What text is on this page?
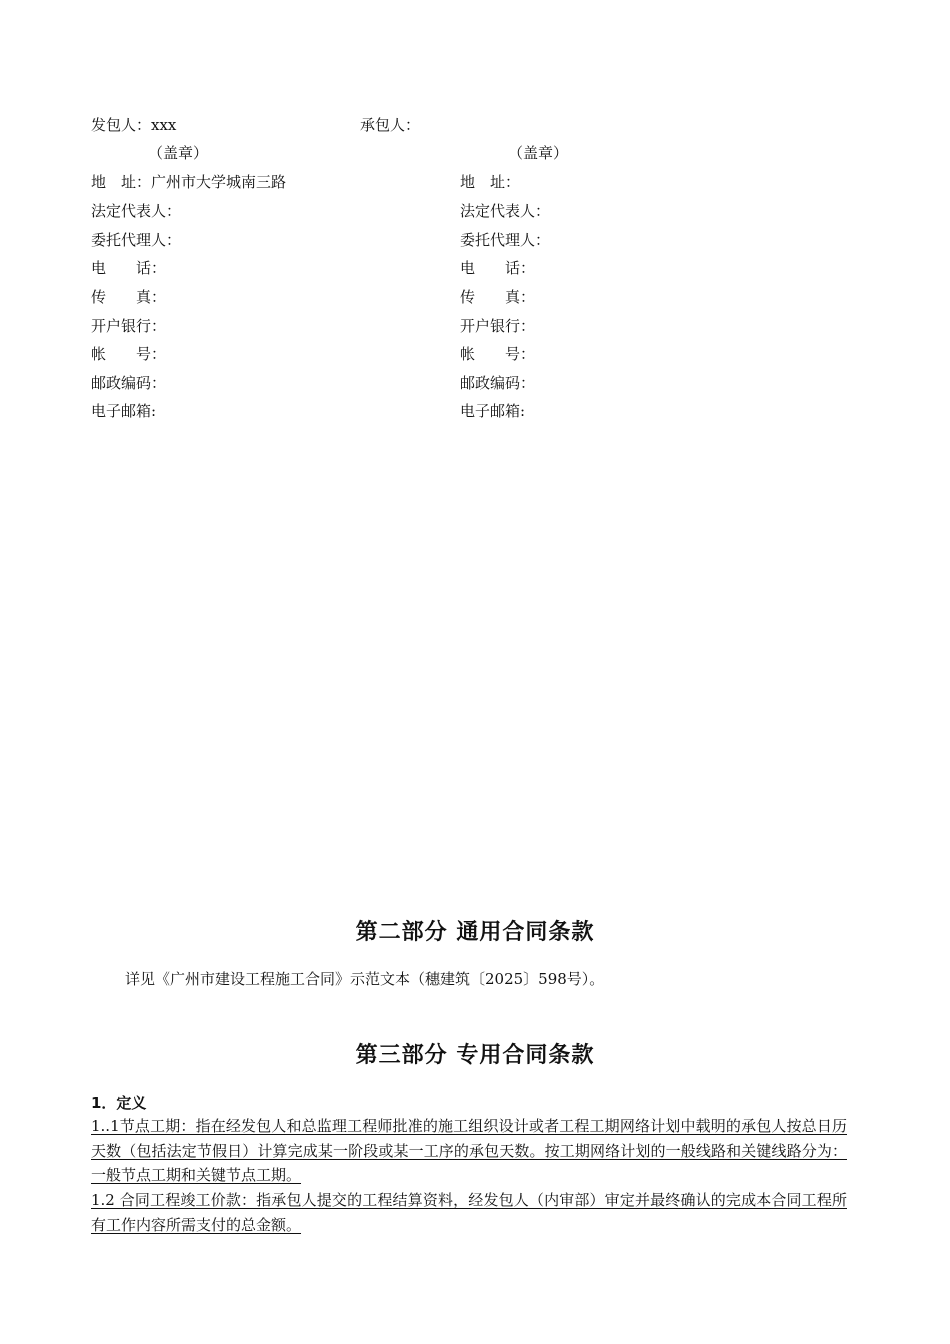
发包人：xxx
（盖章）
地　址：广州市大学城南三路
法定代表人：
委托代理人：
电　　话：
传　　真：
开户银行：
帐　　号：
邮政编码：
电子邮箱:
承包人：
（盖章）
地　址：
法定代表人：
委托代理人：
电　　话：
传　　真：
开户银行：
帐　　号：
邮政编码：
电子邮箱:
第二部分 通用合同条款
详见《广州市建设工程施工合同》示范文本（穗建筑〔2025〕598号）。
第三部分 专用合同条款
1．定义
1..1节点工期：指在经发包人和总监理工程师批准的施工组织设计或者工程工期网络计划中载明的承包人按总日历天数（包括法定节假日）计算完成某一阶段或某一工序的承包天数。按工期网络计划的一般线路和关键线路分为：一般节点工期和关键节点工期。
1.2 合同工程竣工价款：指承包人提交的工程结算资料，经发包人（内审部）审定并最终确认的完成本合同工程所有工作内容所需支付的总金额。
